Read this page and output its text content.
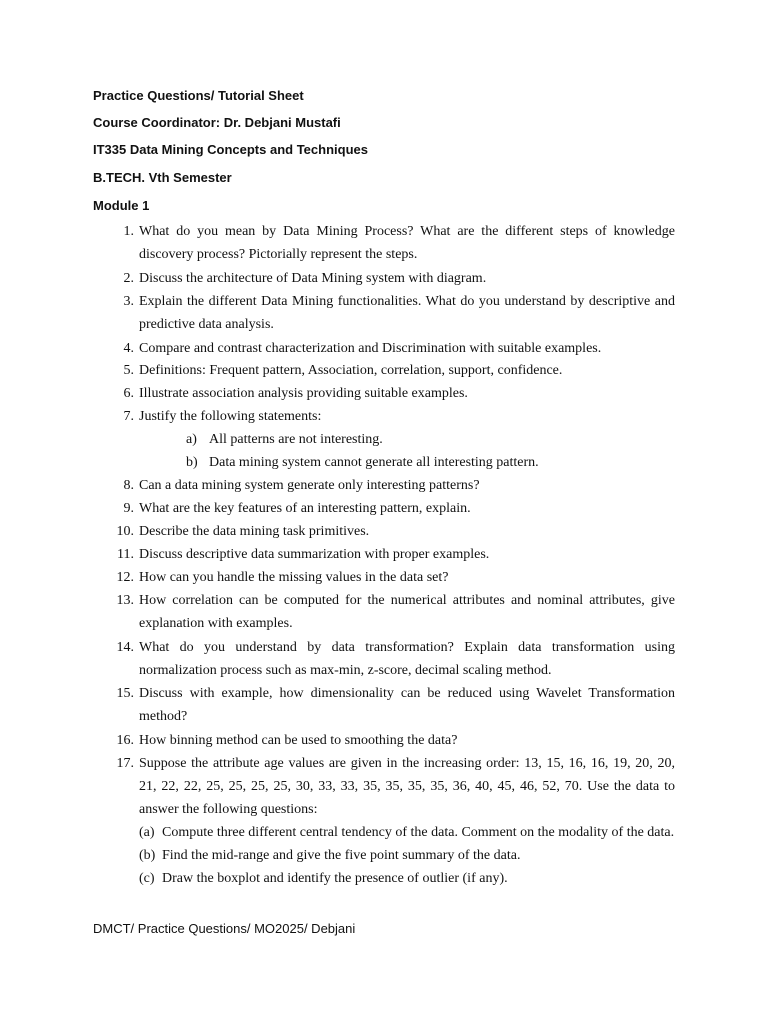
Practice Questions/ Tutorial Sheet
Course Coordinator: Dr. Debjani Mustafi
IT335 Data Mining Concepts and Techniques
B.TECH. Vth Semester
Module 1
1. What do you mean by Data Mining Process? What are the different steps of knowledge discovery process? Pictorially represent the steps.
2. Discuss the architecture of Data Mining system with diagram.
3. Explain the different Data Mining functionalities. What do you understand by descriptive and predictive data analysis.
4. Compare and contrast characterization and Discrimination with suitable examples.
5. Definitions: Frequent pattern, Association, correlation, support, confidence.
6. Illustrate association analysis providing suitable examples.
7. Justify the following statements:
a) All patterns are not interesting.
b) Data mining system cannot generate all interesting pattern.
8. Can a data mining system generate only interesting patterns?
9. What are the key features of an interesting pattern, explain.
10. Describe the data mining task primitives.
11. Discuss descriptive data summarization with proper examples.
12. How can you handle the missing values in the data set?
13. How correlation can be computed for the numerical attributes and nominal attributes, give explanation with examples.
14. What do you understand by data transformation? Explain data transformation using normalization process such as max-min, z-score, decimal scaling method.
15. Discuss with example, how dimensionality can be reduced using Wavelet Transformation method?
16. How binning method can be used to smoothing the data?
17. Suppose the attribute age values are given in the increasing order: 13, 15, 16, 16, 19, 20, 20, 21, 22, 22, 25, 25, 25, 25, 30, 33, 33, 35, 35, 35, 35, 36, 40, 45, 46, 52, 70. Use the data to answer the following questions:
(a) Compute three different central tendency of the data. Comment on the modality of the data.
(b) Find the mid-range and give the five point summary of the data.
(c) Draw the boxplot and identify the presence of outlier (if any).
DMCT/ Practice Questions/ MO2025/ Debjani
